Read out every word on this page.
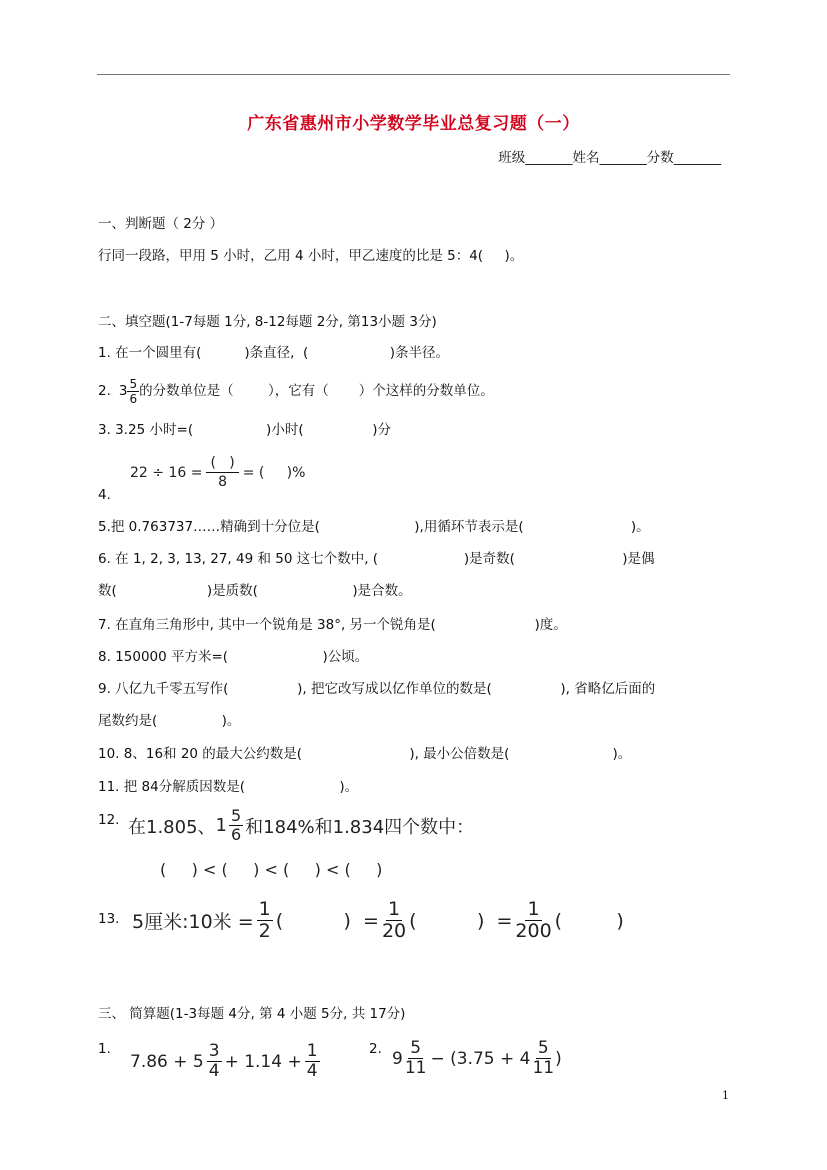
广东省惠州市小学数学毕业总复习题（一）
班级_______姓名_______分数_______
一、判断题（ 2分 ）
行同一段路，甲用 5 小时，乙用 4 小时，甲乙速度的比是 5：4(     )。
二、填空题(1-7每题 1分, 8-12每题 2分, 第13小题 3分)
1. 在一个圆里有(          )条直径,  (                   )条半径。
2. $3 \frac{5}{6}$ 的分数单位是（        ），它有（       ）个这样的分数单位。
3. 3.25 小时=(                 )小时(                )分
$22 \div 16 = \frac{( )}{8}$ = (     )%
4.
5.把 0.763737……精确到十分位是(                      ),用循环节表示是(                         )。
6. 在 1, 2, 3, 13, 27, 49 和 50 这七个数中, (                    )是奇数(                         )是偶
数(                     )是质数(                      )是合数。
7. 在直角三角形中, 其中一个锐角是 38°, 另一个锐角是(                       )度。
8. 150000 平方米=(                      )公顷。
9. 八亿九千零五写作(                ), 把它改写成以亿作单位的数是(                ), 省略亿后面的
尾数约是(               )。
10. 8、16和 20 的最大公约数是(                         ), 最小公倍数是(                        )。
11. 把 84分解质因数是(                      )。
12. 在1.805、 $1 \frac{5}{6}$ 和184%和1.834四个数中：
(     ) < (     ) < (     ) < (     )
13. 5厘米:10米 = $\frac{1}{2}$ (          )  = $\frac{1}{20}$ (          )  = $\frac{1}{200}$ (         )
三、 简算题(1-3每题 4分, 第 4 小题 5分, 共 17分)
1.
$7.86 + 5 \frac{3}{4} + 1.14 + \frac{1}{4}$	2. $9 \frac{5}{11} - (3.75 + 4 \frac{5}{11}$ )
1
